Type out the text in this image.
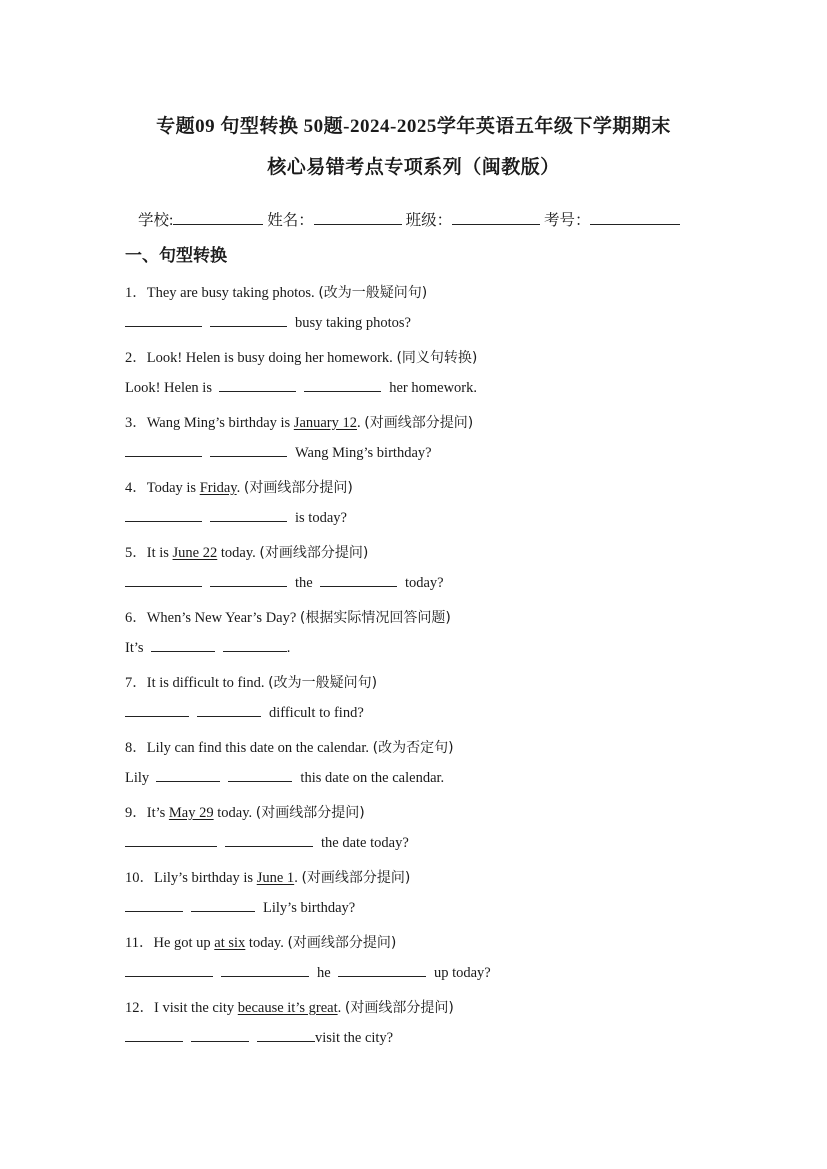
专题09 句型转换 50题-2024-2025学年英语五年级下学期期末
核心易错考点专项系列（闽教版）
学校:	姓名：	班级：	考号：
一、句型转换
1．They are busy taking photos. (改为一般疑问句)
busy taking photos?
2．Look! Helen is busy doing her homework. (同义句转换)
Look! Helen is	her homework.
3．Wang Ming’s birthday is January 12. (对画线部分提问)
Wang Ming’s birthday?
4．Today is Friday. (对画线部分提问)
is today?
5．It is June 22 today. (对画线部分提问)
the	today?
6．When’s New Year’s Day? (根据实际情况回答问题)
It’s	.
7．It is difficult to find. (改为一般疑问句)
difficult to find?
8．Lily can find this date on the calendar. (改为否定句)
Lily	this date on the calendar.
9．It’s May 29 today. (对画线部分提问)
the date today?
10．Lily’s birthday is June 1. (对画线部分提问)
Lily’s birthday?
11．He got up at six today. (对画线部分提问)
he	up today?
12．I visit the city because it’s great. (对画线部分提问)
visit the city?
